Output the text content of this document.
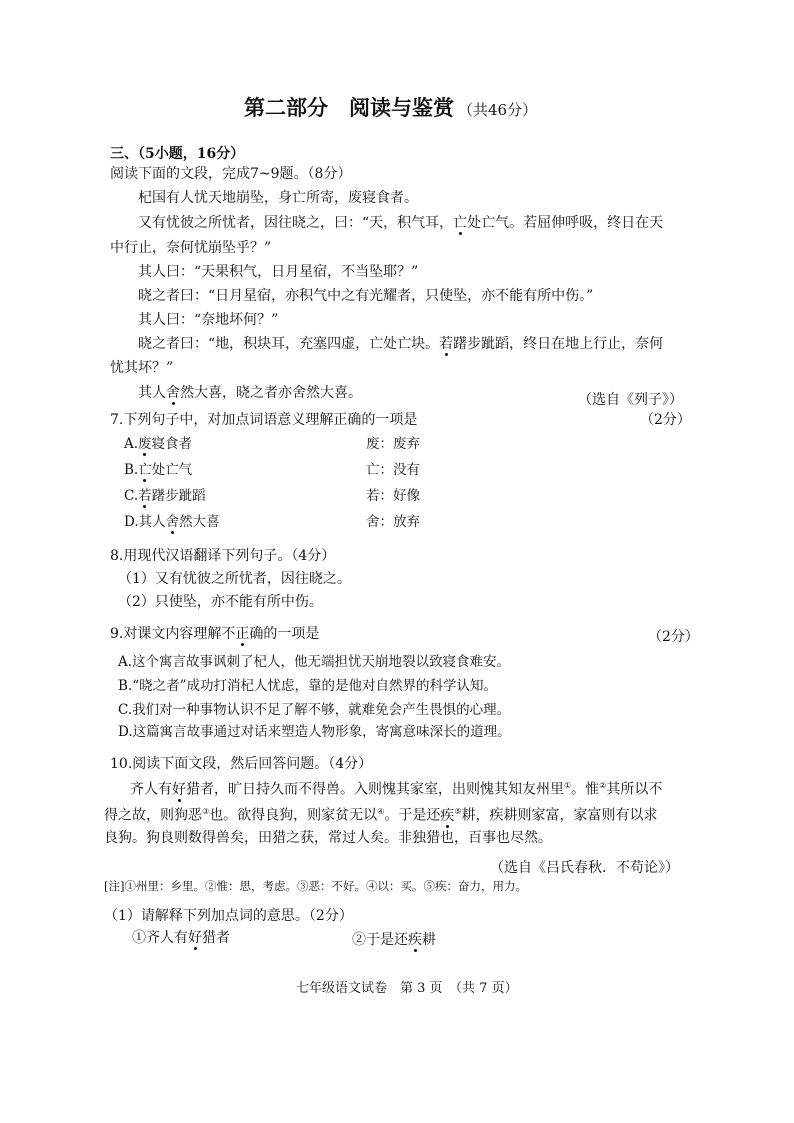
第二部分　阅读与鉴赏 （共46分）
三、（5小题，16分）
阅读下面的文段，完成7~9题。（8分）
杞国有人忧天地崩坠，身亡所寄，废寝食者。
又有忧彼之所忧者，因往晓之，曰：“天，积气耳，亡处亡气。若屈伸呼吸，终日在天
中行止，奈何忧崩坠乎？”
其人曰：“天果积气，日月星宿，不当坠耶？”
晓之者曰：“日月星宿，亦积气中之有光耀者，只使坠，亦不能有所中伤。”
其人曰：“奈地坏何？”
晓之者曰：“地，积块耳，充塞四虚，亡处亡块。若躇步跐蹈，终日在地上行止，奈何
忧其坏？”
其人舍然大喜，晓之者亦舍然大喜。	（选自《列子》）
7.下列句子中，对加点词语意义理解正确的一项是	（2分）
A.废寝食者	废：废弃
B.亡处亡气	亡：没有
C.若躇步跐蹈	若：好像
D.其人舍然大喜	舍：放弃
8.用现代汉语翻译下列句子。（4分）
（1）又有忧彼之所忧者，因往晓之。
（2）只使坠，亦不能有所中伤。
9.对课文内容理解不正确的一项是	（2分）
A.这个寓言故事讽刺了杞人，他无端担忧天崩地裂以致寝食难安。
B.“晓之者”成功打消杞人忧虑，靠的是他对自然界的科学认知。
C.我们对一种事物认识不足了解不够，就难免会产生畏惧的心理。
D.这篇寓言故事通过对话来塑造人物形象，寄寓意味深长的道理。
10.阅读下面文段，然后回答问题。（4分）
齐人有好猎者，旷日持久而不得兽。入则愧其家室，出则愧其知友州里①。惟②其所以不
得之故，则狗恶③也。欲得良狗，则家贫无以④。于是还疾⑤耕，疾耕则家富，家富则有以求
良狗。狗良则数得兽矣，田猎之获，常过人矣。非独猎也，百事也尽然。
（选自《吕氏春秋．不苟论》）
[注]①州里：乡里。②惟：思，考虑。③恶：不好。④以：买。⑤疾：奋力，用力。
（1）请解释下列加点词的意思。（2分）
①齐人有好猎者	②于是还疾耕
七年级语文试卷　第 3 页　（共 7 页）
